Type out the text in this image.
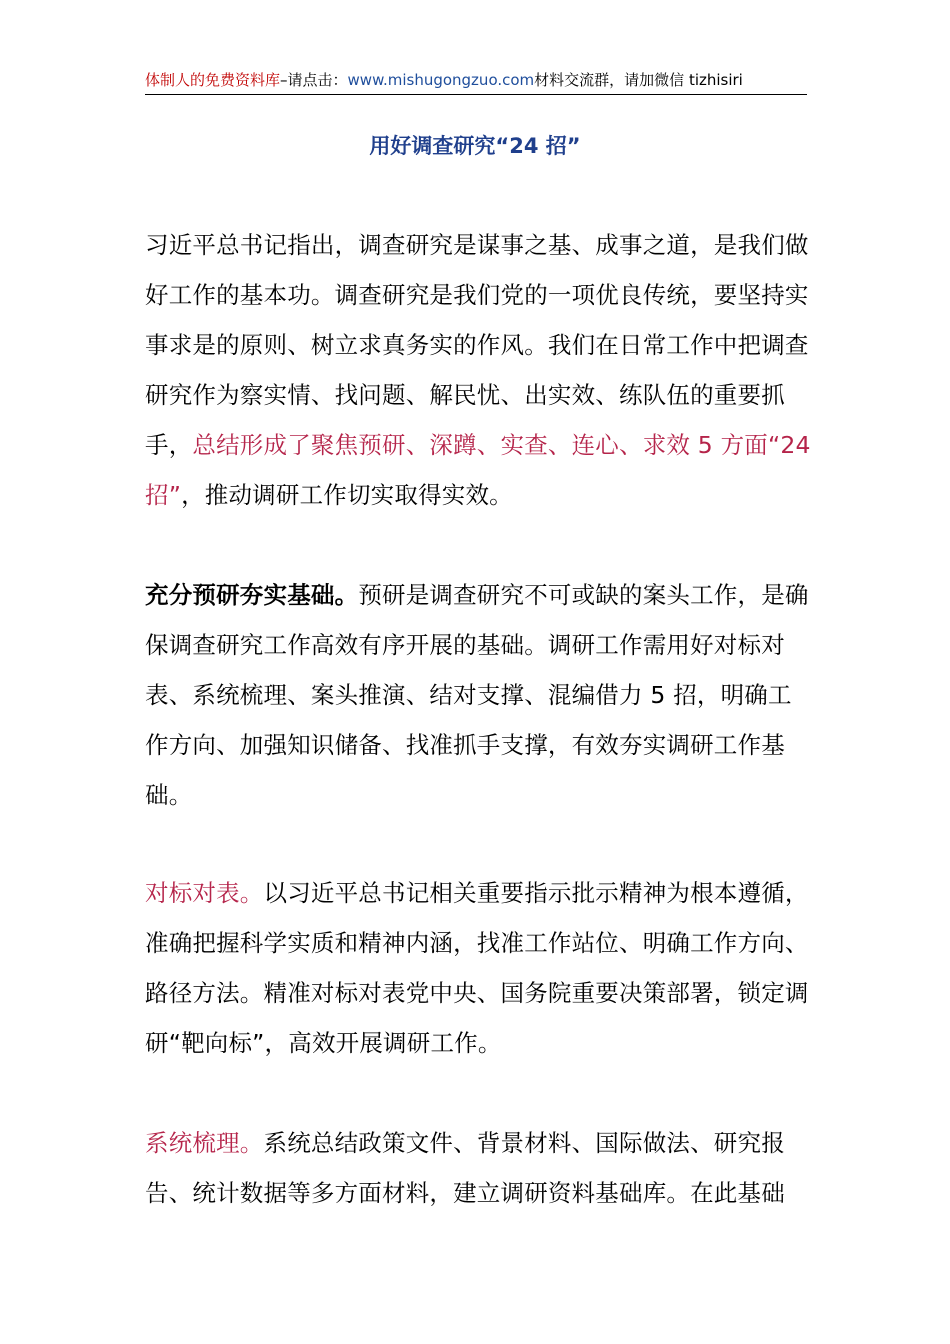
体制人的免费资料库–请点击：www.mishugongzuo.com材料交流群，请加微信 tizhisiri
用好调查研究“24 招”

习近平总书记指出，调查研究是谋事之基、成事之道，是我们做好工作的基本功。调查研究是我们党的一项优良传统，要坚持实事求是的原则、树立求真务实的作风。我们在日常工作中把调查研究作为察实情、找问题、解民忧、出实效、练队伍的重要抓手，总结形成了聚焦预研、深蹲、实查、连心、求效 5 方面“24 招”，推动调研工作切实取得实效。

充分预研夯实基础。预研是调查研究不可或缺的案头工作，是确保调查研究工作高效有序开展的基础。调研工作需用好对标对表、系统梳理、案头推演、结对支撑、混编借力 5 招，明确工作方向、加强知识储备、找准抓手支撑，有效夯实调研工作基础。

对标对表。以习近平总书记相关重要指示批示精神为根本遵循，准确把握科学实质和精神内涵，找准工作站位、明确工作方向、路径方法。精准对标对表党中央、国务院重要决策部署，锁定调研“靶向标”，高效开展调研工作。

系统梳理。系统总结政策文件、背景材料、国际做法、研究报告、统计数据等多方面材料，建立调研资料基础库。在此基础
